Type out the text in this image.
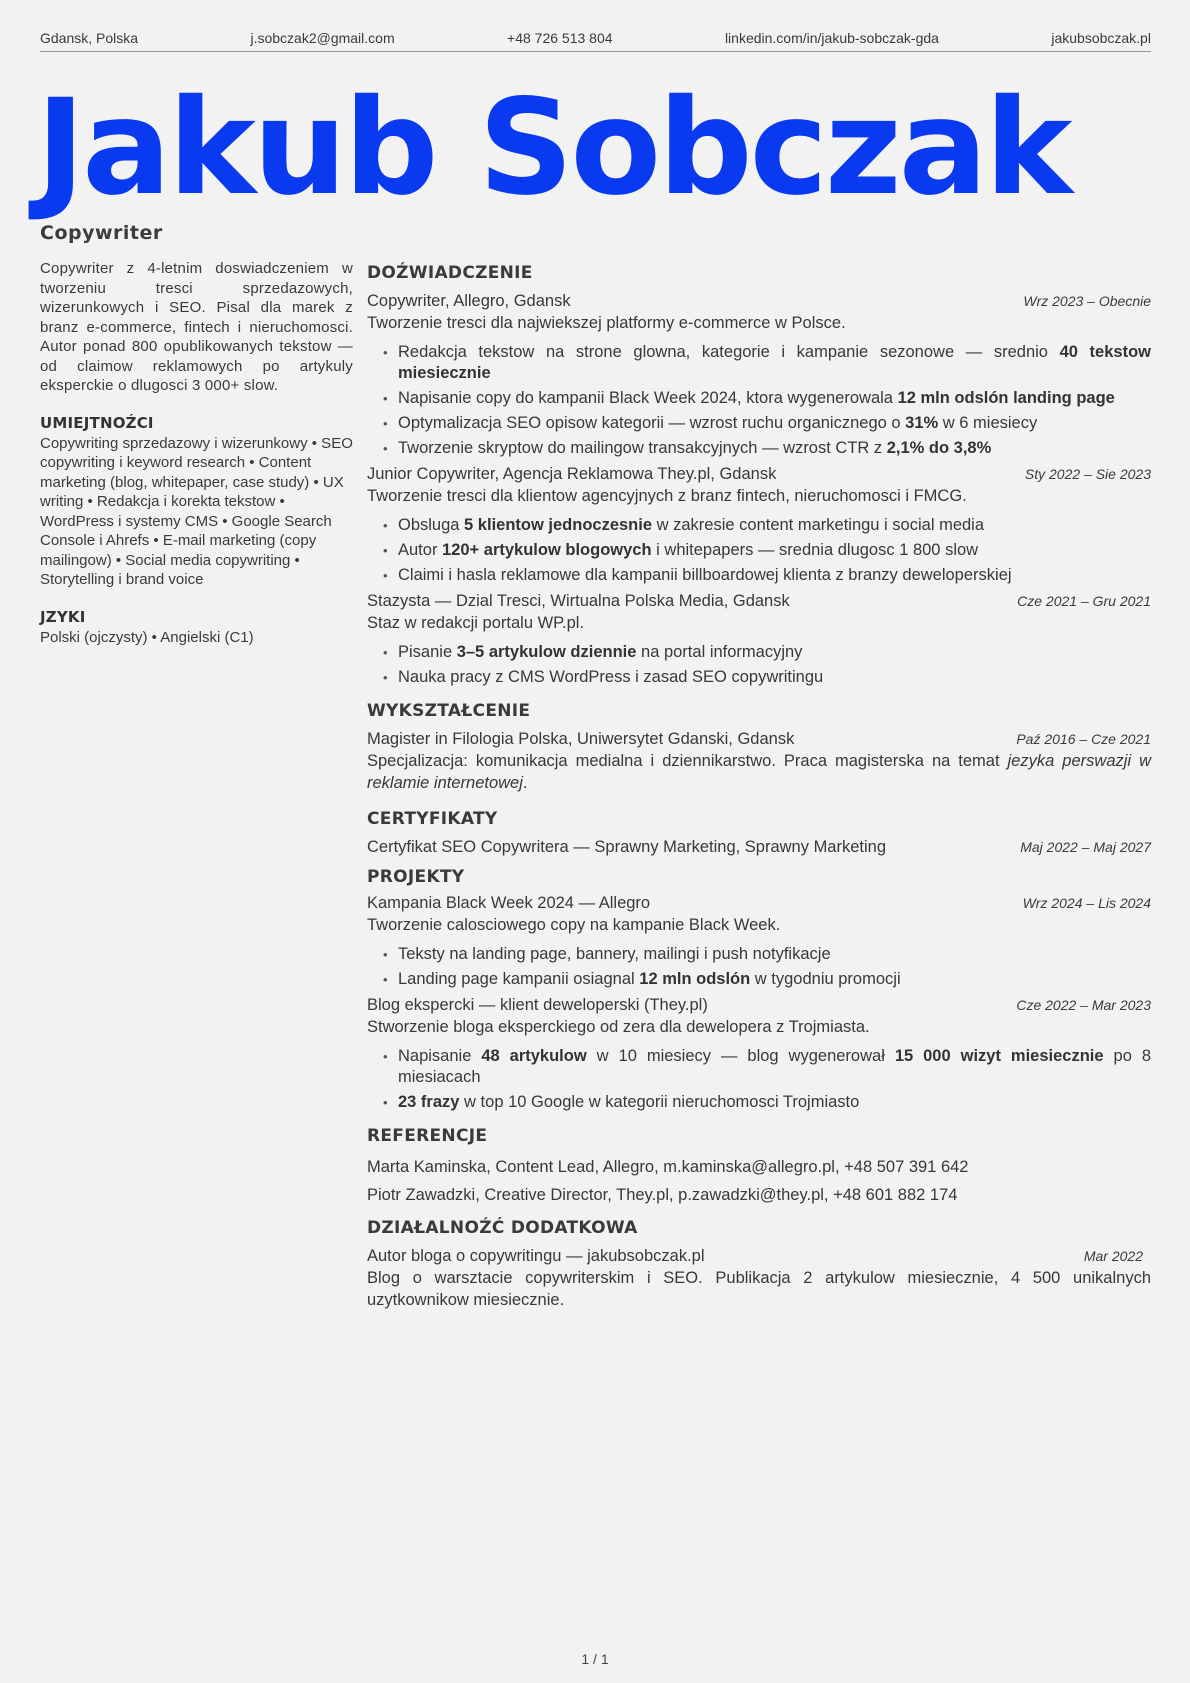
Gdansk, Polska	j.sobczak2@gmail.com	+48 726 513 804	linkedin.com/in/jakub-sobczak-gda	jakubsobczak.pl
Jakub Sobczak
Copywriter

Copywriter z 4-letnim doswiadczeniem w tworzeniu tresci sprzedazowych, wizerunkowych i SEO. Pisal dla marek z branz e-commerce, fintech i nieruchomosci. Autor ponad 800 opublikowanych tekstow — od claimow reklamowych po artykuly eksperckie o dlugosci 3 000+ slow.

UMIEJTNOŹCI

Copywriting sprzedazowy i wizerunkowy • SEO copywriting i keyword research • Content marketing (blog, whitepaper, case study) • UX writing • Redakcja i korekta tekstow • WordPress i systemy CMS • Google Search Console i Ahrefs • E-mail marketing (copy mailingow) • Social media copywriting • Storytelling i brand voice

JZYKI

Polski (ojczysty) • Angielski (C1)

DOŹWIADCZENIE
Copywriter, Allegro, Gdansk	Wrz 2023 – Obecnie
Tworzenie tresci dla najwiekszej platformy e-commerce w Polsce.
• Redakcja tekstow na strone glowna, kategorie i kampanie sezonowe — srednio 40 tekstow miesiecznie
• Napisanie copy do kampanii Black Week 2024, ktora wygenerowala 12 mln odslón landing page
• Optymalizacja SEO opisow kategorii — wzrost ruchu organicznego o 31% w 6 miesiecy
• Tworzenie skryptow do mailingow transakcyjnych — wzrost CTR z 2,1% do 3,8%
Junior Copywriter, Agencja Reklamowa They.pl, Gdansk	Sty 2022 – Sie 2023
Tworzenie tresci dla klientow agencyjnych z branz fintech, nieruchomosci i FMCG.
• Obsluga 5 klientow jednoczesnie w zakresie content marketingu i social media
• Autor 120+ artykulow blogowych i whitepapers — srednia dlugosc 1 800 slow
• Claimi i hasla reklamowe dla kampanii billboardowej klienta z branzy deweloperskiej
Stazysta — Dzial Tresci, Wirtualna Polska Media, Gdansk	Cze 2021 – Gru 2021
Staz w redakcji portalu WP.pl.
• Pisanie 3–5 artykulow dziennie na portal informacyjny
• Nauka pracy z CMS WordPress i zasad SEO copywritingu
WYKSZTAŁCENIE
Magister in Filologia Polska, Uniwersytet Gdanski, Gdansk	Paź 2016 – Cze 2021
Specjalizacja: komunikacja medialna i dziennikarstwo. Praca magisterska na temat jezyka perswazji w reklamie internetowej.
CERTYFIKATY
Certyfikat SEO Copywritera — Sprawny Marketing, Sprawny Marketing	Maj 2022 – Maj 2027
PROJEKTY
Kampania Black Week 2024 — Allegro	Wrz 2024 – Lis 2024
Tworzenie calosciowego copy na kampanie Black Week.
• Teksty na landing page, bannery, mailingi i push notyfikacje
• Landing page kampanii osiagnal 12 mln odslón w tygodniu promocji
Blog ekspercki — klient deweloperski (They.pl)	Cze 2022 – Mar 2023
Stworzenie bloga eksperckiego od zera dla dewelopera z Trojmiasta.
• Napisanie 48 artykulow w 10 miesiecy — blog wygenerował 15 000 wizyt miesiecznie po 8 miesiacach
• 23 frazy w top 10 Google w kategorii nieruchomosci Trojmiasto
REFERENCJE
Marta Kaminska, Content Lead, Allegro, m.kaminska@allegro.pl, +48 507 391 642
Piotr Zawadzki, Creative Director, They.pl, p.zawadzki@they.pl, +48 601 882 174
DZIAŁALNOŹĆ DODATKOWA
Autor bloga o copywritingu — jakubsobczak.pl	Mar 2022
Blog o warsztacie copywriterskim i SEO. Publikacja 2 artykulow miesiecznie, 4 500 unikalnych uzytkownikow miesiecznie.
1 / 1
